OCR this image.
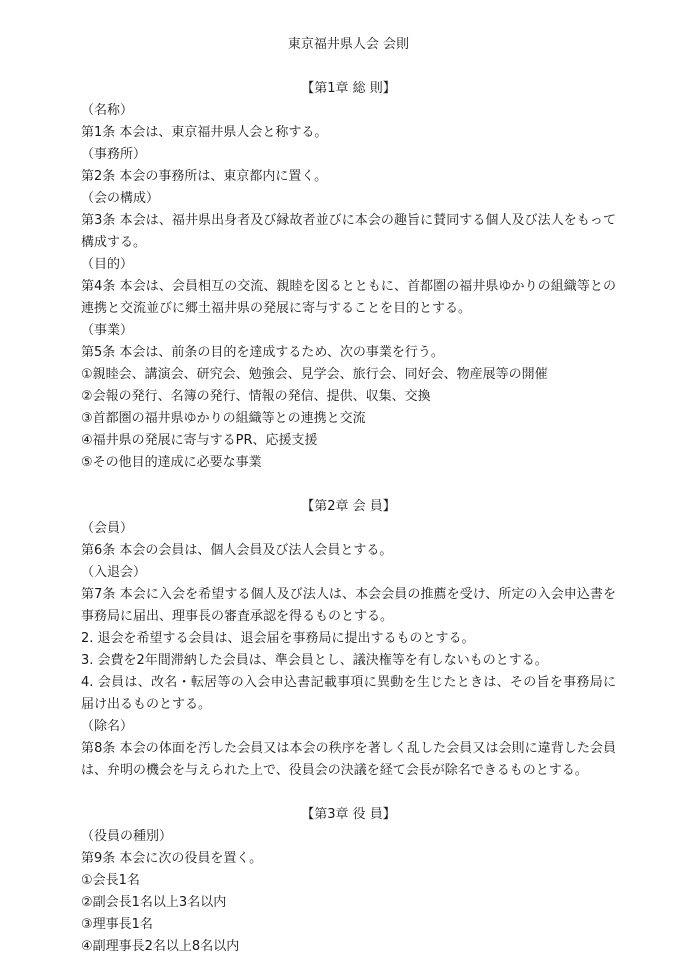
東京福井県人会 会則
【第1章 総 則】
（名称）
第1条 本会は、東京福井県人会と称する。
（事務所）
第2条 本会の事務所は、東京都内に置く。
（会の構成）
第3条 本会は、福井県出身者及び縁故者並びに本会の趣旨に賛同する個人及び法人をもって構成する。
（目的）
第4条 本会は、会員相互の交流、親睦を図るとともに、首都圏の福井県ゆかりの組織等との連携と交流並びに郷土福井県の発展に寄与することを目的とする。
（事業）
第5条 本会は、前条の目的を達成するため、次の事業を行う。
①親睦会、講演会、研究会、勉強会、見学会、旅行会、同好会、物産展等の開催
②会報の発行、名簿の発行、情報の発信、提供、収集、交換
③首都圏の福井県ゆかりの組織等との連携と交流
④福井県の発展に寄与するPR、応援支援
⑤その他目的達成に必要な事業
【第2章 会 員】
（会員）
第6条 本会の会員は、個人会員及び法人会員とする。
（入退会）
第7条 本会に入会を希望する個人及び法人は、本会会員の推薦を受け、所定の入会申込書を事務局に届出、理事長の審査承認を得るものとする。
2. 退会を希望する会員は、退会届を事務局に提出するものとする。
3. 会費を2年間滞納した会員は、準会員とし、議決権等を有しないものとする。
4. 会員は、改名・転居等の入会申込書記載事項に異動を生じたときは、その旨を事務局に届け出るものとする。
（除名）
第8条 本会の体面を汚した会員又は本会の秩序を著しく乱した会員又は会則に違背した会員は、弁明の機会を与えられた上で、役員会の決議を経て会長が除名できるものとする。
【第3章 役 員】
（役員の種別）
第9条 本会に次の役員を置く。
①会長1名
②副会長1名以上3名以内
③理事長1名
④副理事長2名以上8名以内
